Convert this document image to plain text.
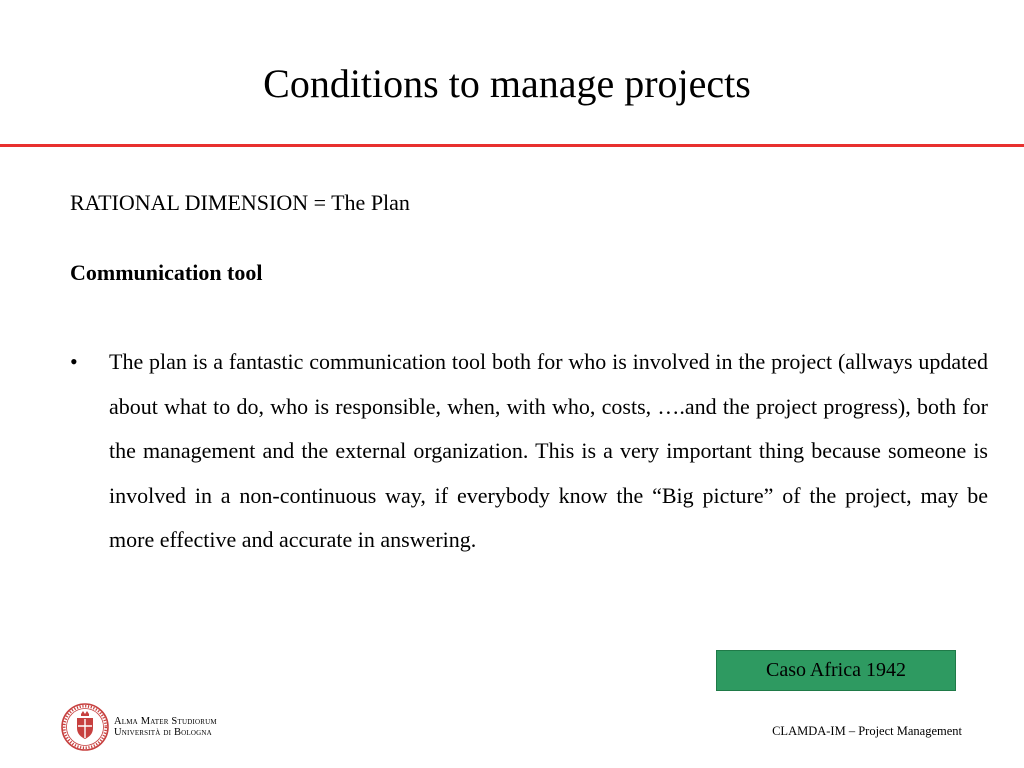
Conditions to manage projects
RATIONAL DIMENSION = The Plan
Communication tool
•	The plan is a fantastic communication tool both for who is involved in the project (allways updated about what to do, who is responsible, when, with who, costs, ….and the project progress), both for the management and the external organization. This is a very important thing because someone is involved in a non-continuous way, if everybody know the “Big picture” of the project, may be more effective and accurate in answering.
Caso Africa 1942
Alma Mater Studiorum
Università di Bologna	CLAMDA-IM – Project Management
